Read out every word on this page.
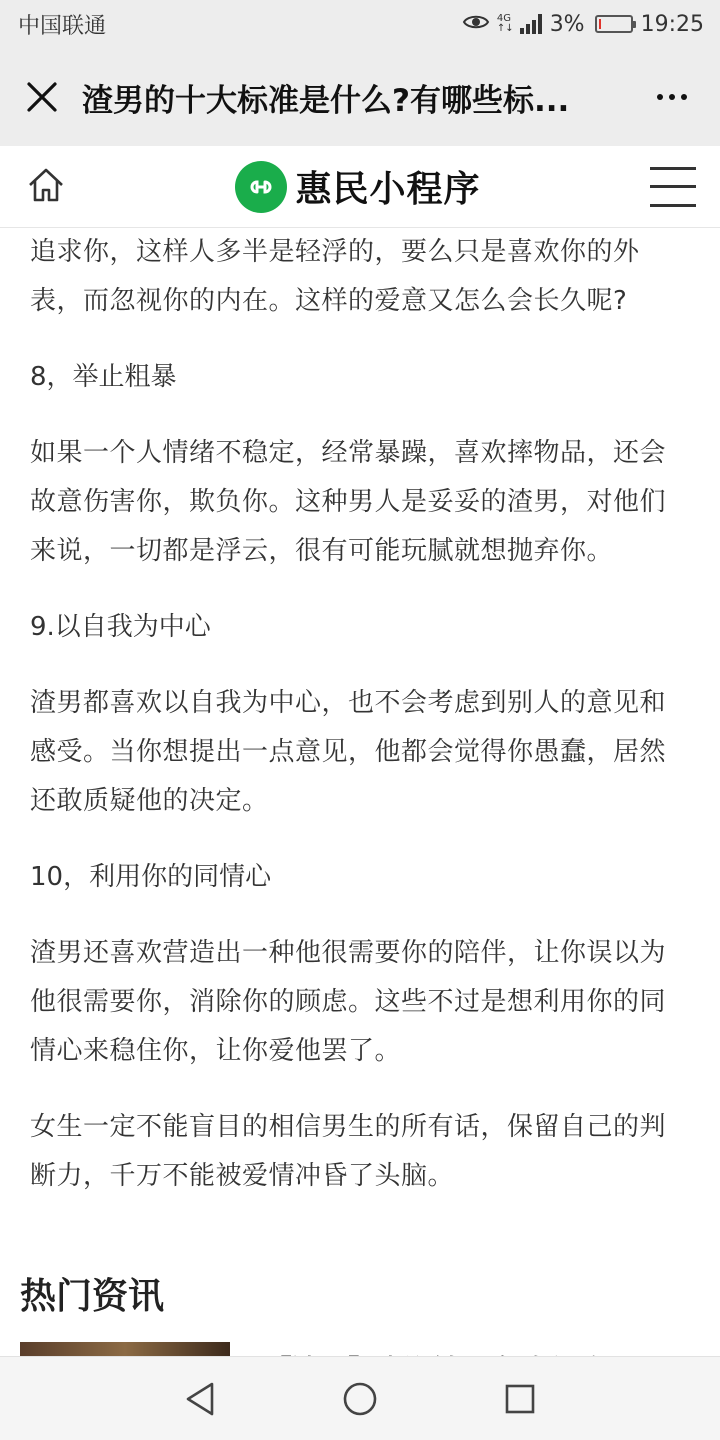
中国联通	4G
↑↓ 3%	19:25
渣男的十大标准是什么?有哪些标...
惠民小程序

追求你，这样人多半是轻浮的，要么只是喜欢你的外表，而忽视你的内在。这样的爱意又怎么会长久呢?

8，举止粗暴

如果一个人情绪不稳定，经常暴躁，喜欢摔物品，还会故意伤害你，欺负你。这种男人是妥妥的渣男，对他们来说，一切都是浮云，很有可能玩腻就想抛弃你。

9.以自我为中心

渣男都喜欢以自我为中心，也不会考虑到别人的意见和感受。当你想提出一点意见，他都会觉得你愚蠢，居然还敢质疑他的决定。

10，利用你的同情心

渣男还喜欢营造出一种他很需要你的陪伴，让你误以为他很需要你，消除你的顾虑。这些不过是想利用你的同情心来稳住你，让你爱他罢了。

女生一定不能盲目的相信男生的所有话，保留自己的判断力，千万不能被爱情冲昏了头脑。

热门资讯
